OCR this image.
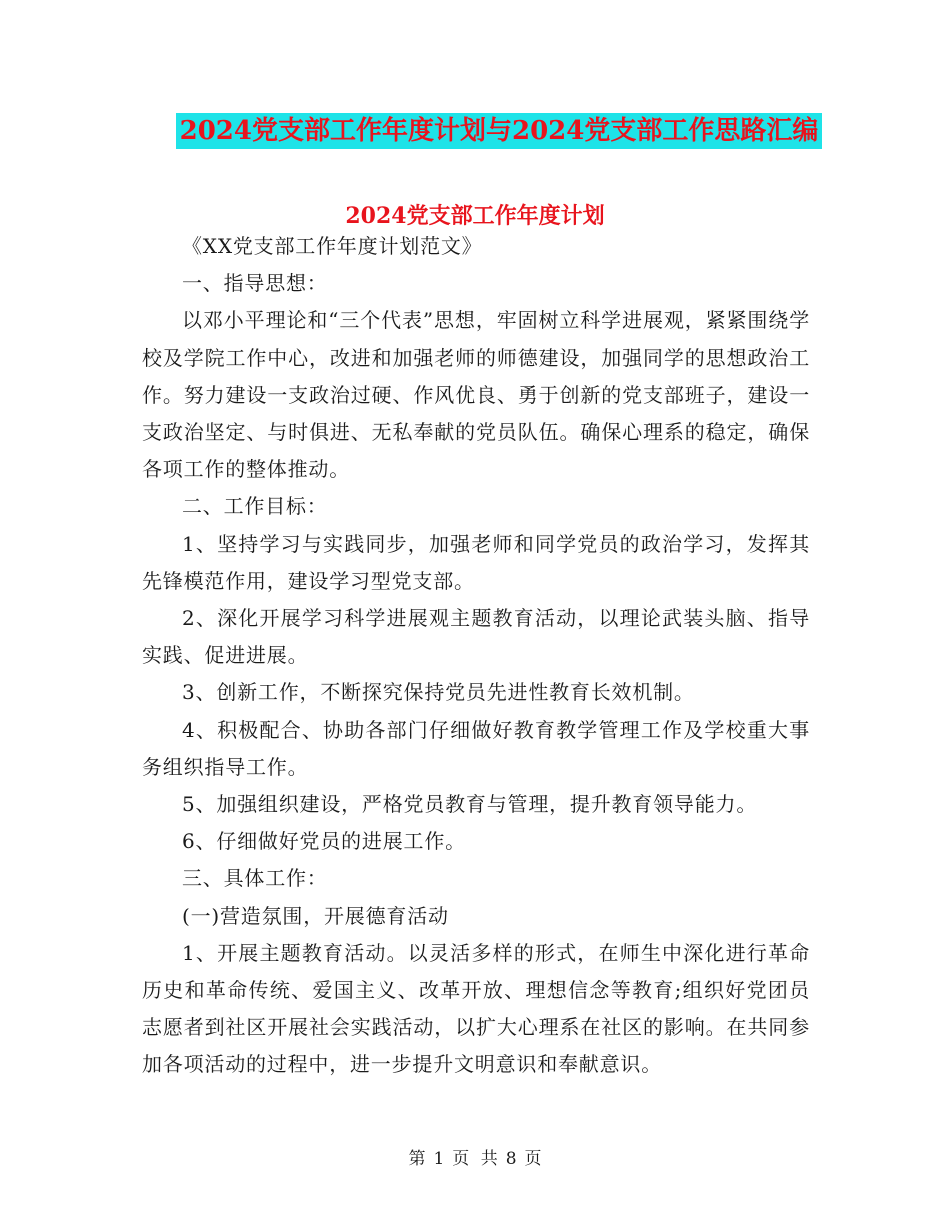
2024党支部工作年度计划与2024党支部工作思路汇编
2024党支部工作年度计划

《XX党支部工作年度计划范文》

一、指导思想：

以邓小平理论和“三个代表”思想，牢固树立科学进展观，紧紧围绕学校及学院工作中心，改进和加强老师的师德建设，加强同学的思想政治工作。努力建设一支政治过硬、作风优良、勇于创新的党支部班子，建设一支政治坚定、与时俱进、无私奉献的党员队伍。确保心理系的稳定，确保各项工作的整体推动。

二、工作目标：

1、坚持学习与实践同步，加强老师和同学党员的政治学习，发挥其先锋模范作用，建设学习型党支部。

2、深化开展学习科学进展观主题教育活动，以理论武装头脑、指导实践、促进进展。

3、创新工作，不断探究保持党员先进性教育长效机制。

4、积极配合、协助各部门仔细做好教育教学管理工作及学校重大事务组织指导工作。

5、加强组织建设，严格党员教育与管理，提升教育领导能力。

6、仔细做好党员的进展工作。

三、具体工作：

(一)营造氛围，开展德育活动

1、开展主题教育活动。以灵活多样的形式，在师生中深化进行革命历史和革命传统、爱国主义、改革开放、理想信念等教育;组织好党团员志愿者到社区开展社会实践活动，以扩大心理系在社区的影响。在共同参加各项活动的过程中，进一步提升文明意识和奉献意识。

第 1 页 共 8 页
